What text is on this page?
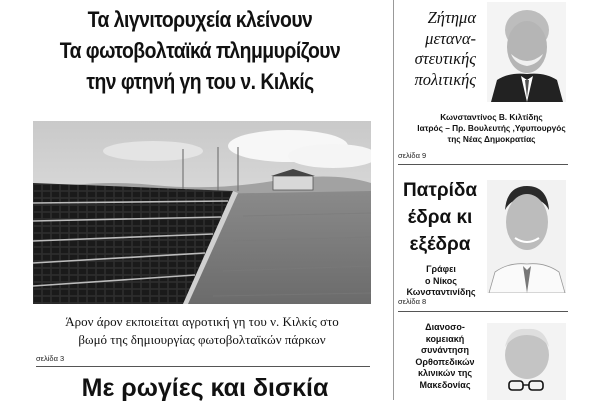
Τα λιγνιτορυχεία κλείνουν
Τα φωτοβολταϊκά πλημμυρίζουν
την φτηνή γη του ν. Κιλκίς
Άρον άρον εκποιείται αγροτική γη του ν. Κιλκίς στο
βωμό της δημιουργίας φωτοβολταϊκών πάρκων
σελίδα 3
Με ρωγίες και δισκία
Ζήτημα
μετανα-
στευτικής
πολιτικής
Κωνσταντίνος Β. Κιλτίδης
Ιατρός – Πρ. Βουλευτής ,Υφυπουργός
της Νέας Δημοκρατίας
σελίδα 9
Πατρίδα
έδρα κι
εξέδρα
Γράφει
ο Νίκος
Κωνσταντινίδης
σελίδα 8
Διανοσο-
κομειακή
συνάντηση
Ορθοπεδικών
κλινικών της
Μακεδονίας
